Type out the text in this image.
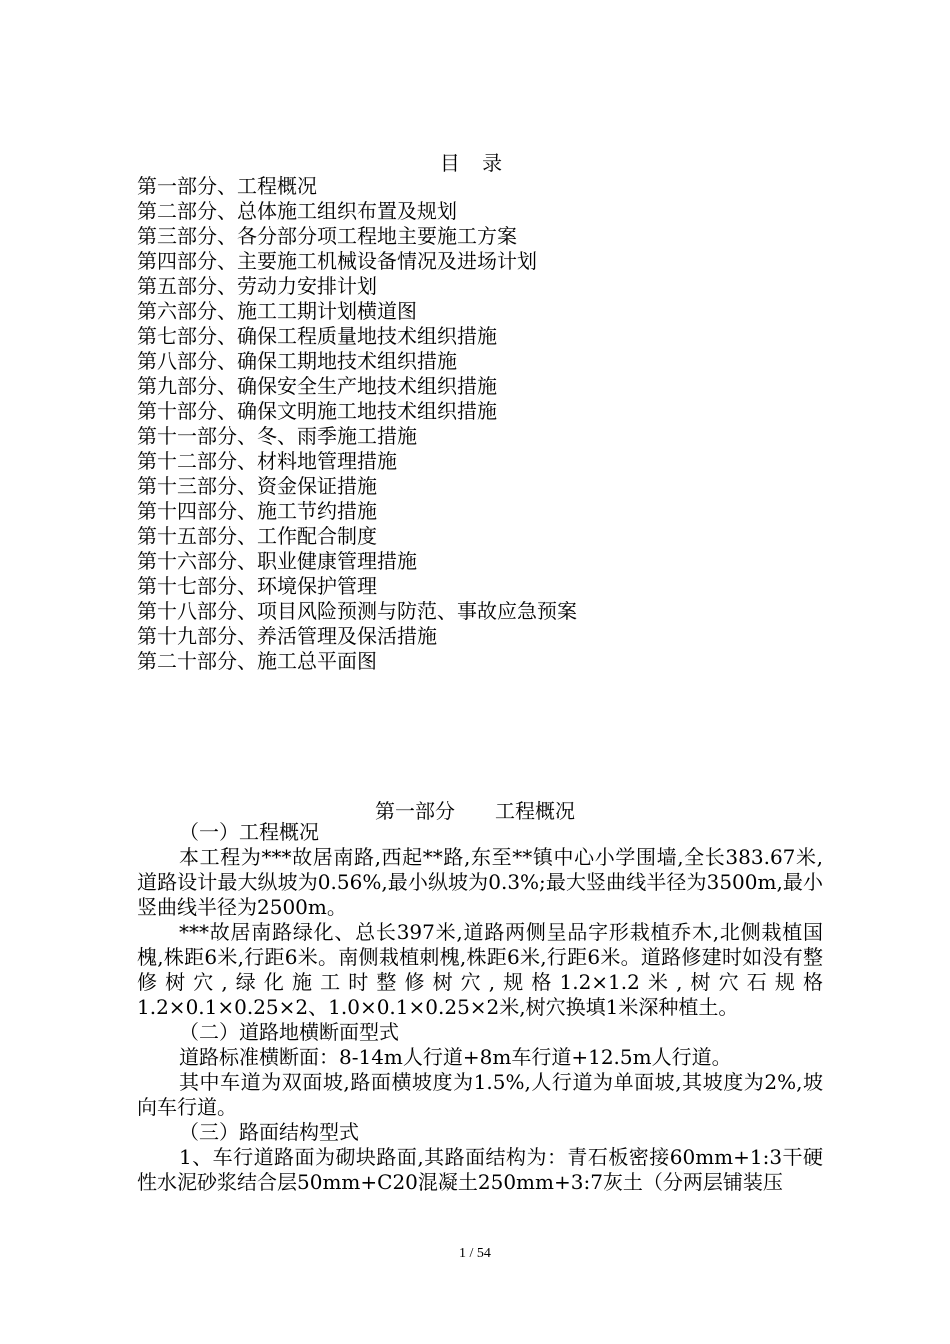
目 录
第一部分、工程概况
第二部分、总体施工组织布置及规划
第三部分、各分部分项工程地主要施工方案
第四部分、主要施工机械设备情况及进场计划
第五部分、劳动力安排计划
第六部分、施工工期计划横道图
第七部分、确保工程质量地技术组织措施
第八部分、确保工期地技术组织措施
第九部分、确保安全生产地技术组织措施
第十部分、确保文明施工地技术组织措施
第十一部分、冬、雨季施工措施
第十二部分、材料地管理措施
第十三部分、资金保证措施
第十四部分、施工节约措施
第十五部分、工作配合制度
第十六部分、职业健康管理措施
第十七部分、环境保护管理
第十八部分、项目风险预测与防范、事故应急预案
第十九部分、养活管理及保活措施
第二十部分、施工总平面图
第一部分　　工程概况

（一）工程概况

本工程为***故居南路,西起**路,东至**镇中心小学围墙,全长383.67米,道路设计最大纵坡为0.56%,最小纵坡为0.3%;最大竖曲线半径为3500m,最小竖曲线半径为2500m。

***故居南路绿化、总长397米,道路两侧呈品字形栽植乔木,北侧栽植国槐,株距6米,行距6米。南侧栽植刺槐,株距6米,行距6米。道路修建时如没有整修树穴,绿化施工时整修树穴,规格1.2×1.2米,树穴石规格1.2×0.1×0.25×2、1.0×0.1×0.25×2米,树穴换填1米深种植土。

（二）道路地横断面型式

道路标准横断面：8-14m人行道+8m车行道+12.5m人行道。

其中车道为双面坡,路面横坡度为1.5%,人行道为单面坡,其坡度为2%,坡向车行道。

（三）路面结构型式

1、车行道路面为砌块路面,其路面结构为：青石板密接60mm+1:3干硬性水泥砂浆结合层50mm+C20混凝土250mm+3:7灰土（分两层铺装压

1 / 54
